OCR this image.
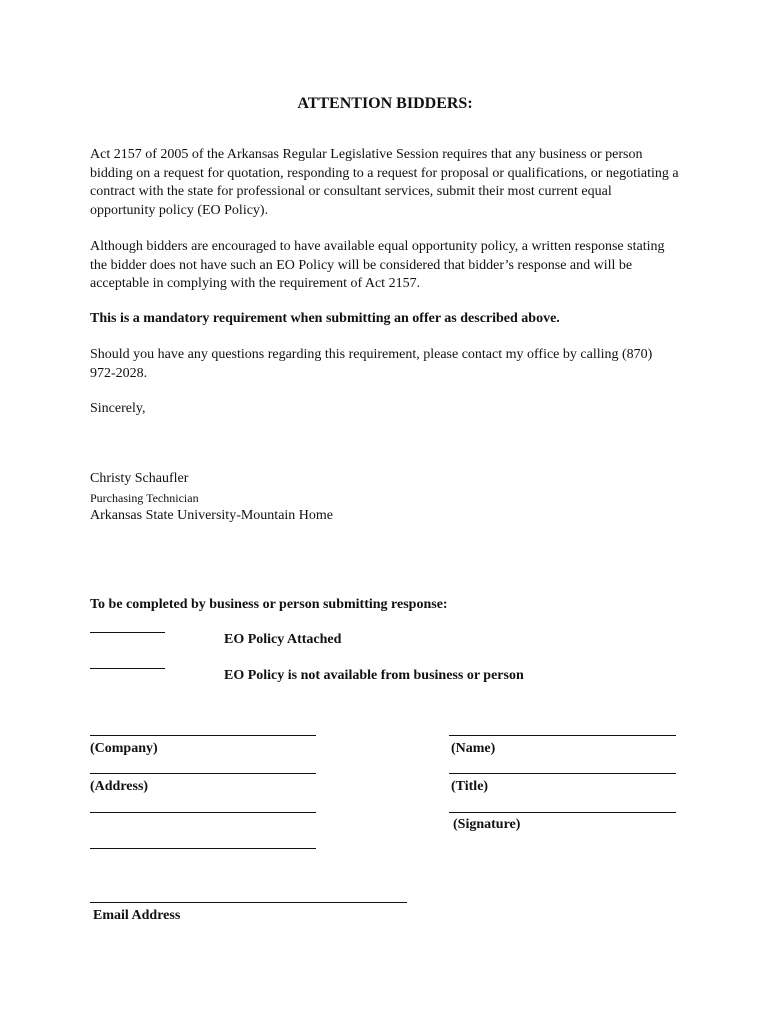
ATTENTION BIDDERS:
Act 2157 of 2005 of the Arkansas Regular Legislative Session requires that any business or person bidding on a request for quotation, responding to a request for proposal or qualifications, or negotiating a contract with the state for professional or consultant services, submit their most current equal opportunity policy (EO Policy).
Although bidders are encouraged to have available equal opportunity policy, a written response stating the bidder does not have such an EO Policy will be considered that bidder’s response and will be acceptable in complying with the requirement of Act 2157.
This is a mandatory requirement when submitting an offer as described above.
Should you have any questions regarding this requirement, please contact my office by calling (870) 972-2028.
Sincerely,
Christy Schaufler
Purchasing Technician
Arkansas State University-Mountain Home
To be completed by business or person submitting response:
EO Policy Attached
EO Policy is not available from business or person
(Company)
(Address)
(Name)
(Title)
(Signature)
Email Address
